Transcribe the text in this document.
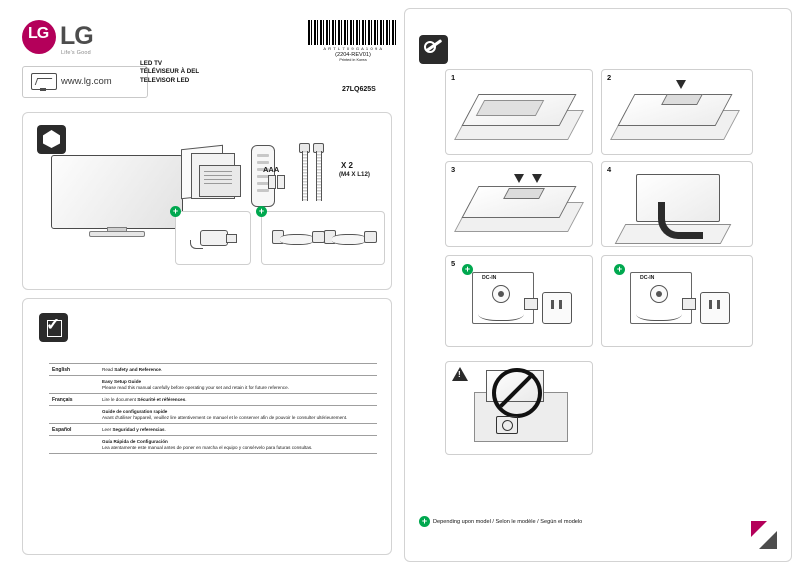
LG LG
Life's Good
www.lg.com
LED TV
TÉLÉVISEUR À DEL
TELEVISOR LED
27LQ625S
A R T L 7 0 9 G A 1 0 9 A
(2204-REV01)
Printed in Korea
AAA	X 2
(M4 X L12)
+	+
✓
English	Read Safety and Reference.

	Easy Setup Guide
Please read this manual carefully before operating your set and retain it for future reference.

Français	Lire le document Sécurité et références.

	Guide de configuration rapide
Avant d'utiliser l'appareil, veuillez lire attentivement ce manuel et le conserver afin de pouvoir le consulter ultérieurement.

Español	Leer Seguridad y referencias.

	Guía Rápida de Configuración
Lea atentamente este manual antes de poner en marcha el equipo y consérvelo para futuras consultas.
1	2
3	4
5
+
DC-IN
+
DC-IN
!
+ Depending upon model / Selon le modèle / Según el modelo
